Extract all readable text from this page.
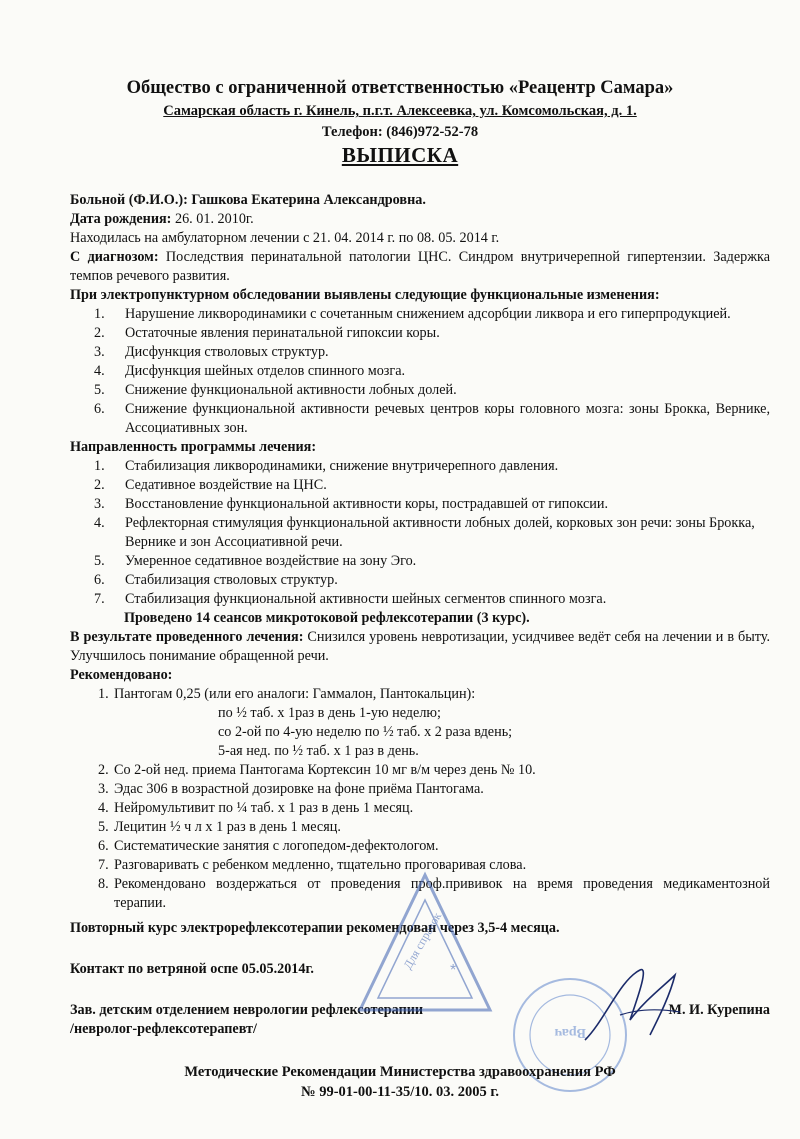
Общество с ограниченной ответственностью «Реацентр Самара»
Самарская область г. Кинель, п.г.т. Алексеевка, ул. Комсомольская, д. 1.
Телефон: (846)972-52-78
ВЫПИСКА
Больной (Ф.И.О.): Гашкова Екатерина Александровна.
Дата рождения: 26. 01. 2010г.
Находилась на амбулаторном лечении с 21. 04. 2014 г. по 08. 05. 2014 г.
С диагнозом: Последствия перинатальной патологии ЦНС. Синдром внутричерепной гипертензии. Задержка темпов речевого развития.
При электропунктурном обследовании выявлены следующие функциональные изменения:
1. Нарушение ликвородинамики с сочетанным снижением адсорбции ликвора и его гиперпродукцией.
2. Остаточные явления перинатальной гипоксии коры.
3. Дисфункция стволовых структур.
4. Дисфункция шейных отделов спинного мозга.
5. Снижение функциональной активности лобных долей.
6. Снижение функциональной активности речевых центров коры головного мозга: зоны Брокка, Вернике, Ассоциативных зон.
Направленность программы лечения:
1. Стабилизация ликвородинамики, снижение внутричерепного давления.
2. Седативное воздействие на ЦНС.
3. Восстановление функциональной активности коры, пострадавшей от гипоксии.
4. Рефлекторная стимуляция функциональной активности лобных долей, корковых зон речи: зоны Брокка, Вернике и зон Ассоциативной речи.
5. Умеренное седативное воздействие на зону Эго.
6. Стабилизация стволовых структур.
7. Стабилизация функциональной активности шейных сегментов спинного мозга.
Проведено 14 сеансов микротоковой рефлексотерапии (3 курс).
В результате проведенного лечения: Снизился уровень невротизации, усидчивее ведёт себя на лечении и в быту. Улучшилось понимание обращенной речи.
Рекомендовано:
1. Пантогам 0,25 (или его аналоги: Гаммалон, Пантокальцин):
по ½ таб. х 1раз в день 1-ую неделю;
со 2-ой по 4-ую неделю по ½ таб. х 2 раза вдень;
5-ая нед. по ½ таб. х 1 раз в день.
2. Со 2-ой нед. приема Пантогама Кортексин 10 мг в/м через день № 10.
3. Эдас 306 в возрастной дозировке на фоне приёма Пантогама.
4. Нейромультивит по ¼ таб. х 1 раз в день 1 месяц.
5. Лецитин ½ ч л х 1 раз в день 1 месяц.
6. Систематические занятия с логопедом-дефектологом.
7. Разговаривать с ребенком медленно, тщательно проговаривая слова.
8. Рекомендовано воздержаться от проведения проф.прививок на время проведения медикаментозной терапии.
Повторный курс электрорефлексотерапии рекомендован через 3,5-4 месяца.
Контакт по ветряной оспе 05.05.2014г.
Зав. детским отделением неврологии рефлексотерапии
/невролог-рефлексотерапевт/
М. И. Курепина
Для справок *
Врач
Методические Рекомендации Министерства здравоохранения РФ
№ 99-01-00-11-35/10. 03. 2005 г.
